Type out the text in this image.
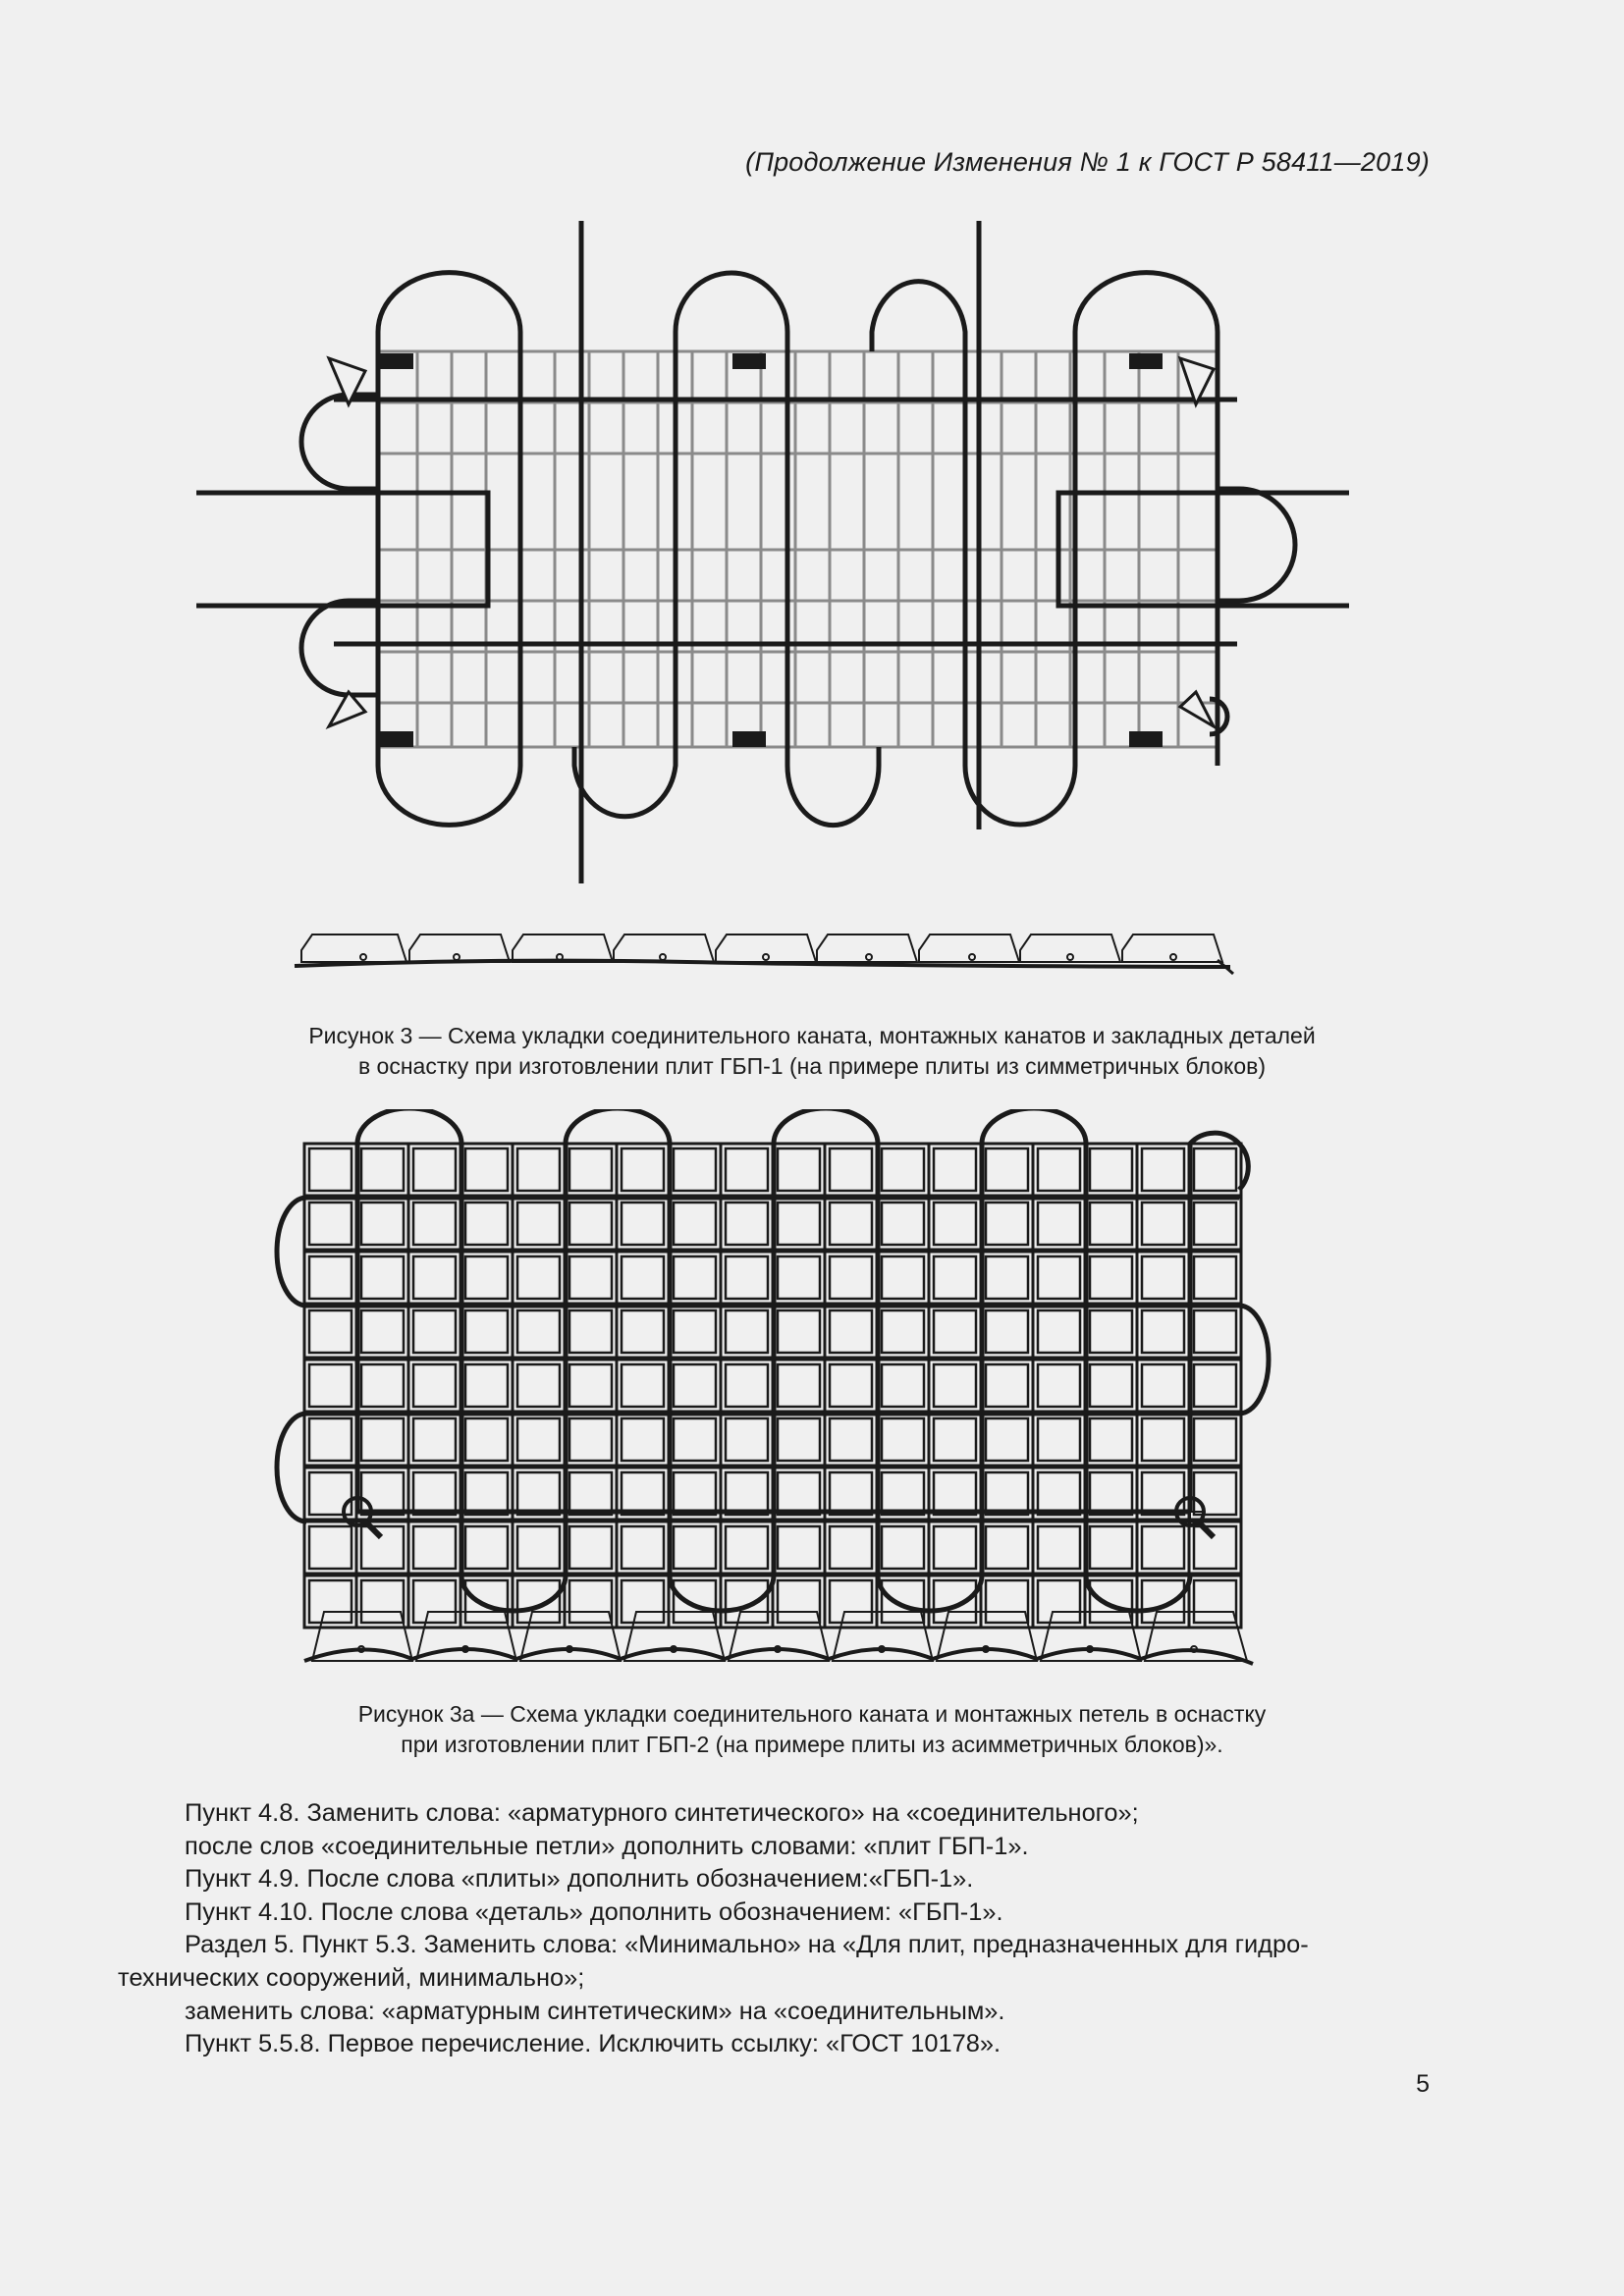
(Продолжение Изменения № 1 к ГОСТ Р 58411—2019)
Рисунок 3 — Схема укладки соединительного каната, монтажных канатов и закладных деталей
в оснастку при изготовлении плит ГБП-1 (на примере плиты из симметричных блоков)
Рисунок 3а — Схема укладки соединительного каната и монтажных петель в оснастку
при изготовлении плит ГБП-2 (на примере плиты из асимметричных блоков)».

Пункт 4.8. Заменить слова: «арматурного синтетического» на «соединительного»;

после слов «соединительные петли» дополнить словами: «плит ГБП-1».

Пункт 4.9. После слова «плиты» дополнить обозначением:«ГБП-1».

Пункт 4.10. После слова «деталь» дополнить обозначением: «ГБП-1».

Раздел 5. Пункт 5.3. Заменить слова: «Минимально» на «Для плит, предназначенных для гидро-
технических сооружений, минимально»;

заменить слова: «арматурным синтетическим» на «соединительным».

Пункт 5.5.8. Первое перечисление. Исключить ссылку: «ГОСТ 10178».

5
